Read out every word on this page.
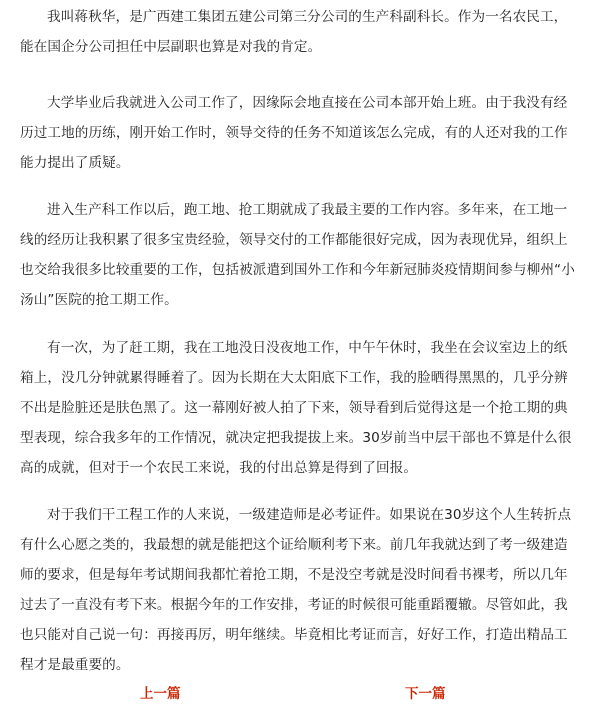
我叫蒋秋华，是广西建工集团五建公司第三分公司的生产科副科长。作为一名农民工，能在国企分公司担任中层副职也算是对我的肯定。

大学毕业后我就进入公司工作了，因缘际会地直接在公司本部开始上班。由于我没有经历过工地的历练，刚开始工作时，领导交待的任务不知道该怎么完成，有的人还对我的工作能力提出了质疑。

进入生产科工作以后，跑工地、抢工期就成了我最主要的工作内容。多年来，在工地一线的经历让我积累了很多宝贵经验，领导交付的工作都能很好完成，因为表现优异，组织上也交给我很多比较重要的工作，包括被派遣到国外工作和今年新冠肺炎疫情期间参与柳州“小汤山”医院的抢工期工作。

有一次，为了赶工期，我在工地没日没夜地工作，中午午休时，我坐在会议室边上的纸箱上，没几分钟就累得睡着了。因为长期在大太阳底下工作，我的脸晒得黑黑的，几乎分辨不出是脸脏还是肤色黑了。这一幕刚好被人拍了下来，领导看到后觉得这是一个抢工期的典型表现，综合我多年的工作情况，就决定把我提拔上来。30岁前当中层干部也不算是什么很高的成就，但对于一个农民工来说，我的付出总算是得到了回报。

对于我们干工程工作的人来说，一级建造师是必考证件。如果说在30岁这个人生转折点有什么心愿之类的，我最想的就是能把这个证给顺利考下来。前几年我就达到了考一级建造师的要求，但是每年考试期间我都忙着抢工期，不是没空考就是没时间看书裸考，所以几年过去了一直没有考下来。根据今年的工作安排，考证的时候很可能重蹈覆辙。尽管如此，我也只能对自己说一句：再接再厉，明年继续。毕竟相比考证而言，好好工作，打造出精品工程才是最重要的。

上一篇	下一篇
